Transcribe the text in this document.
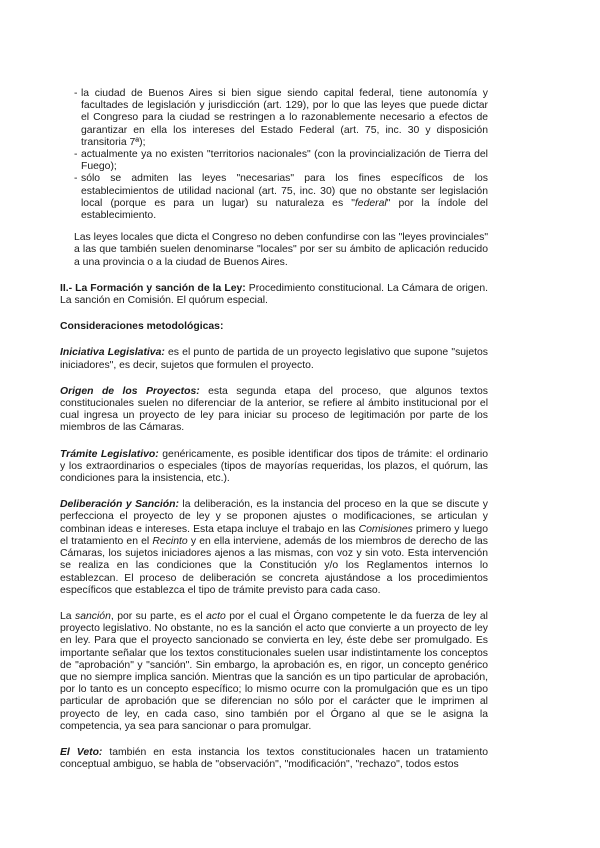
- la ciudad de Buenos Aires si bien sigue siendo capital federal, tiene autonomía y facultades de legislación y jurisdicción (art. 129), por lo que las leyes que puede dictar el Congreso para la ciudad se restringen a lo razonablemente necesario a efectos de garantizar en ella los intereses del Estado Federal (art. 75, inc. 30 y disposición transitoria 7ª);
- actualmente ya no existen "territorios nacionales" (con la provincialización de Tierra del Fuego);
- sólo se admiten las leyes "necesarias" para los fines específicos de los establecimientos de utilidad nacional (art. 75, inc. 30) que no obstante ser legislación local (porque es para un lugar) su naturaleza es "federal" por la índole del establecimiento.

Las leyes locales que dicta el Congreso no deben confundirse con las "leyes provinciales" a las que también suelen denominarse "locales" por ser su ámbito de aplicación reducido a una provincia o a la ciudad de Buenos Aires.

II.- La Formación y sanción de la Ley: Procedimiento constitucional. La Cámara de origen. La sanción en Comisión. El quórum especial.

Consideraciones metodológicas:

Iniciativa Legislativa: es el punto de partida de un proyecto legislativo que supone "sujetos iniciadores", es decir, sujetos que formulen el proyecto.

Origen de los Proyectos: esta segunda etapa del proceso, que algunos textos constitucionales suelen no diferenciar de la anterior, se refiere al ámbito institucional por el cual ingresa un proyecto de ley para iniciar su proceso de legitimación por parte de los miembros de las Cámaras.

Trámite Legislativo: genéricamente, es posible identificar dos tipos de trámite: el ordinario y los extraordinarios o especiales (tipos de mayorías requeridas, los plazos, el quórum, las condiciones para la insistencia, etc.).

Deliberación y Sanción: la deliberación, es la instancia del proceso en la que se discute y perfecciona el proyecto de ley y se proponen ajustes o modificaciones, se articulan y combinan ideas e intereses. Esta etapa incluye el trabajo en las Comisiones primero y luego el tratamiento en el Recinto y en ella interviene, además de los miembros de derecho de las Cámaras, los sujetos iniciadores ajenos a las mismas, con voz y sin voto. Esta intervención se realiza en las condiciones que la Constitución y/o los Reglamentos internos lo establezcan. El proceso de deliberación se concreta ajustándose a los procedimientos específicos que establezca el tipo de trámite previsto para cada caso.

La sanción, por su parte, es el acto por el cual el Órgano competente le da fuerza de ley al proyecto legislativo. No obstante, no es la sanción el acto que convierte a un proyecto de ley en ley. Para que el proyecto sancionado se convierta en ley, éste debe ser promulgado. Es importante señalar que los textos constitucionales suelen usar indistintamente los conceptos de "aprobación" y "sanción". Sin embargo, la aprobación es, en rigor, un concepto genérico que no siempre implica sanción. Mientras que la sanción es un tipo particular de aprobación, por lo tanto es un concepto específico; lo mismo ocurre con la promulgación que es un tipo particular de aprobación que se diferencian no sólo por el carácter que le imprimen al proyecto de ley, en cada caso, sino también por el Órgano al que se le asigna la competencia, ya sea para sancionar o para promulgar.

El Veto: también en esta instancia los textos constitucionales hacen un tratamiento conceptual ambiguo, se habla de "observación", "modificación", "rechazo", todos estos
